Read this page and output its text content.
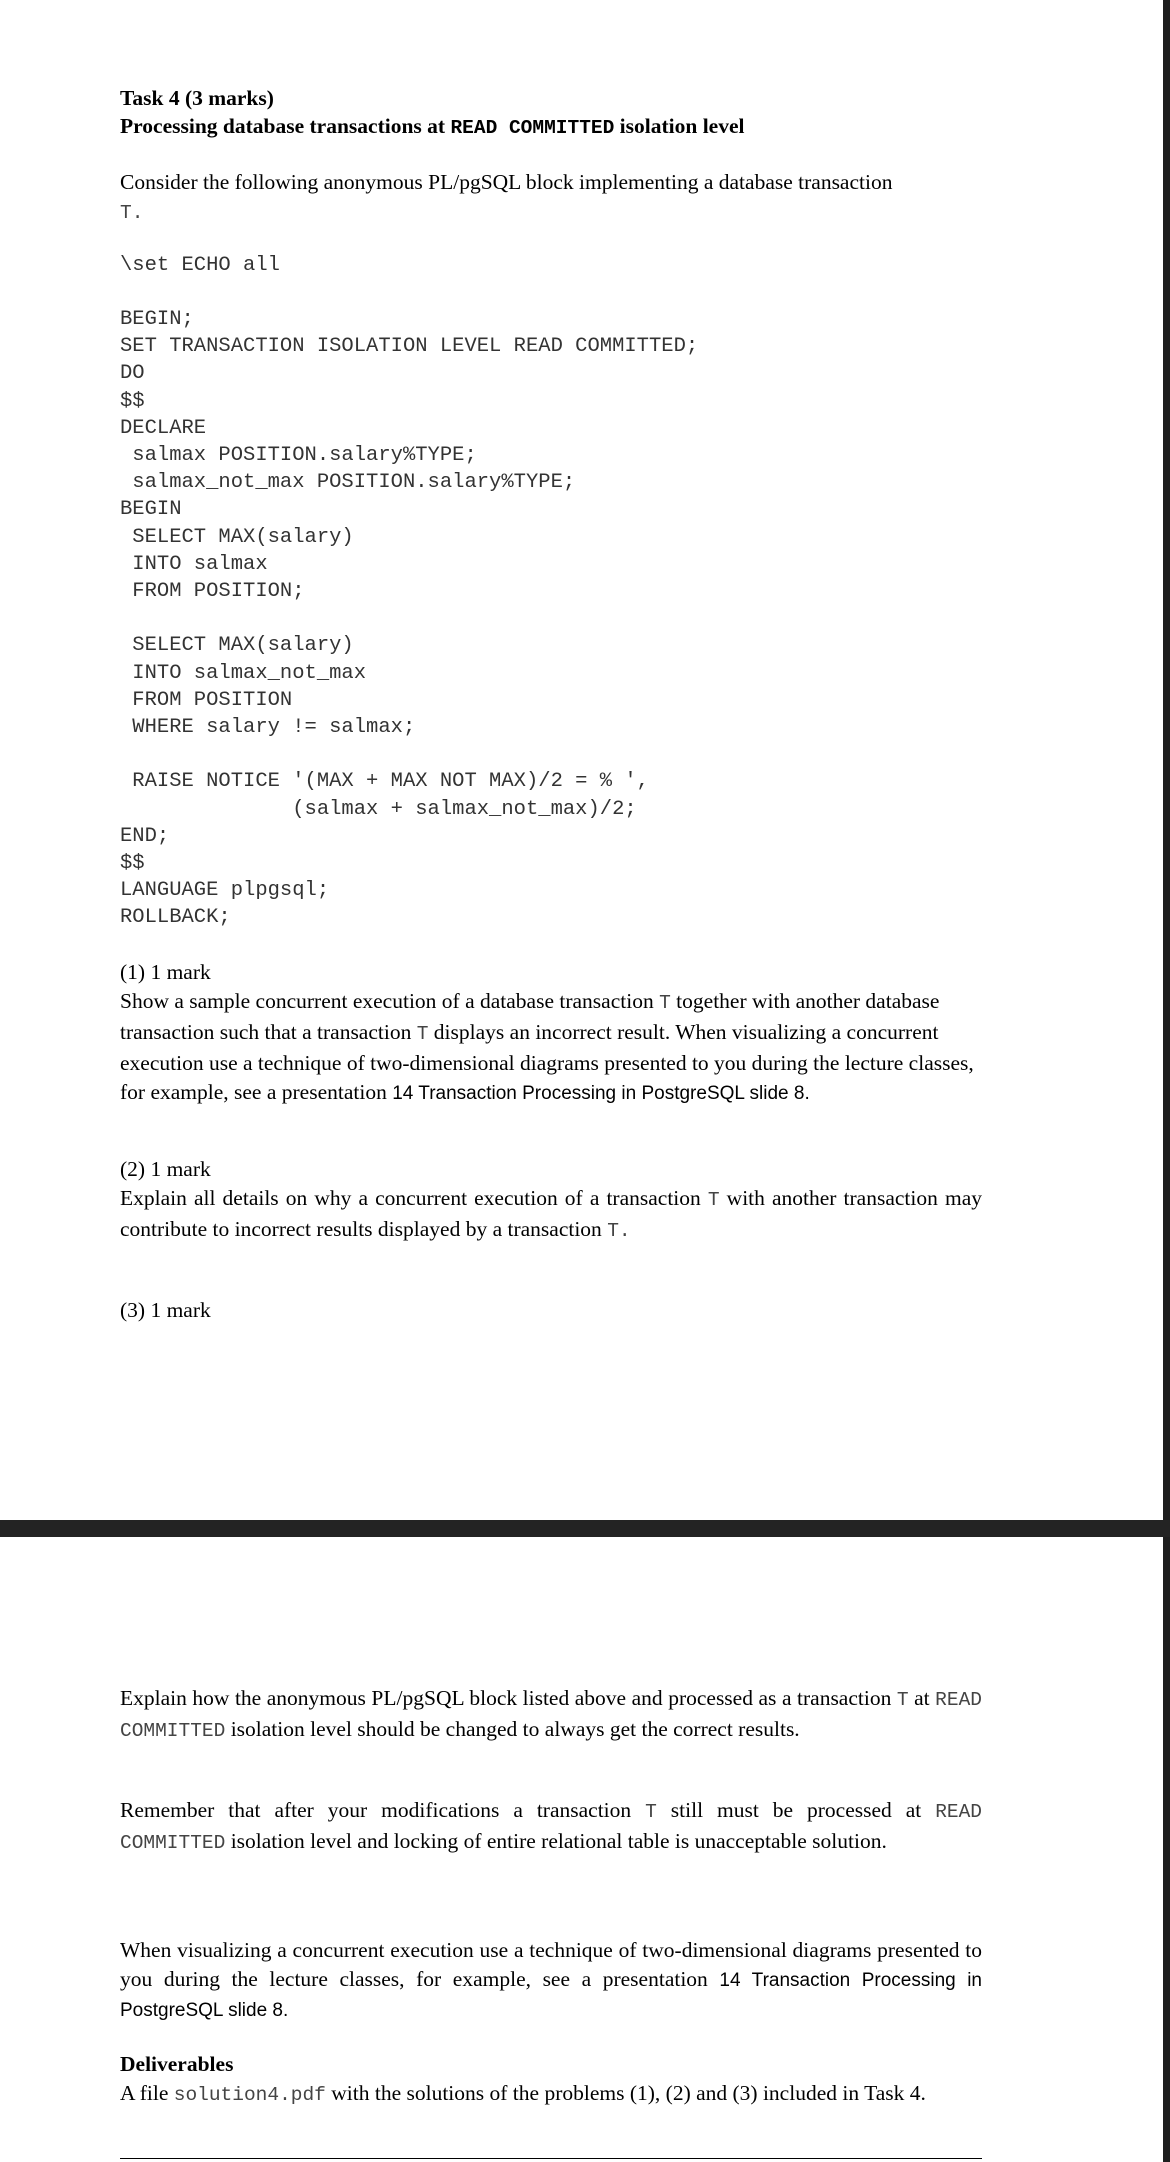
Task 4 (3 marks)
Processing database transactions at READ COMMITTED isolation level

Consider the following anonymous PL/pgSQL block implementing a database transaction
T.

\set ECHO all
BEGIN;
SET TRANSACTION ISOLATION LEVEL READ COMMITTED;
DO
$$
DECLARE
salmax POSITION.salary%TYPE;
salmax_not_max POSITION.salary%TYPE;
BEGIN
SELECT MAX(salary)
INTO salmax
FROM POSITION;

SELECT MAX(salary)
INTO salmax_not_max
FROM POSITION
WHERE salary != salmax;

RAISE NOTICE '(MAX + MAX NOT MAX)/2 = % ',
(salmax + salmax_not_max)/2;
END;
$$
LANGUAGE plpgsql;
ROLLBACK;
(1) 1 mark

Show a sample concurrent execution of a database transaction T together with another database transaction such that a transaction T displays an incorrect result. When visualizing a concurrent execution use a technique of two-dimensional diagrams presented to you during the lecture classes, for example, see a presentation 14 Transaction Processing in PostgreSQL slide 8.

(2) 1 mark

Explain all details on why a concurrent execution of a transaction T with another transaction may contribute to incorrect results displayed by a transaction T.

(3) 1 mark

Explain how the anonymous PL/pgSQL block listed above and processed as a transaction T at READ COMMITTED isolation level should be changed to always get the correct results.

Remember that after your modifications a transaction T still must be processed at READ COMMITTED isolation level and locking of entire relational table is unacceptable solution.

When visualizing a concurrent execution use a technique of two-dimensional diagrams presented to you during the lecture classes, for example, see a presentation 14 Transaction Processing in PostgreSQL slide 8.

Deliverables

A file solution4.pdf with the solutions of the problems (1), (2) and (3) included in Task 4.
